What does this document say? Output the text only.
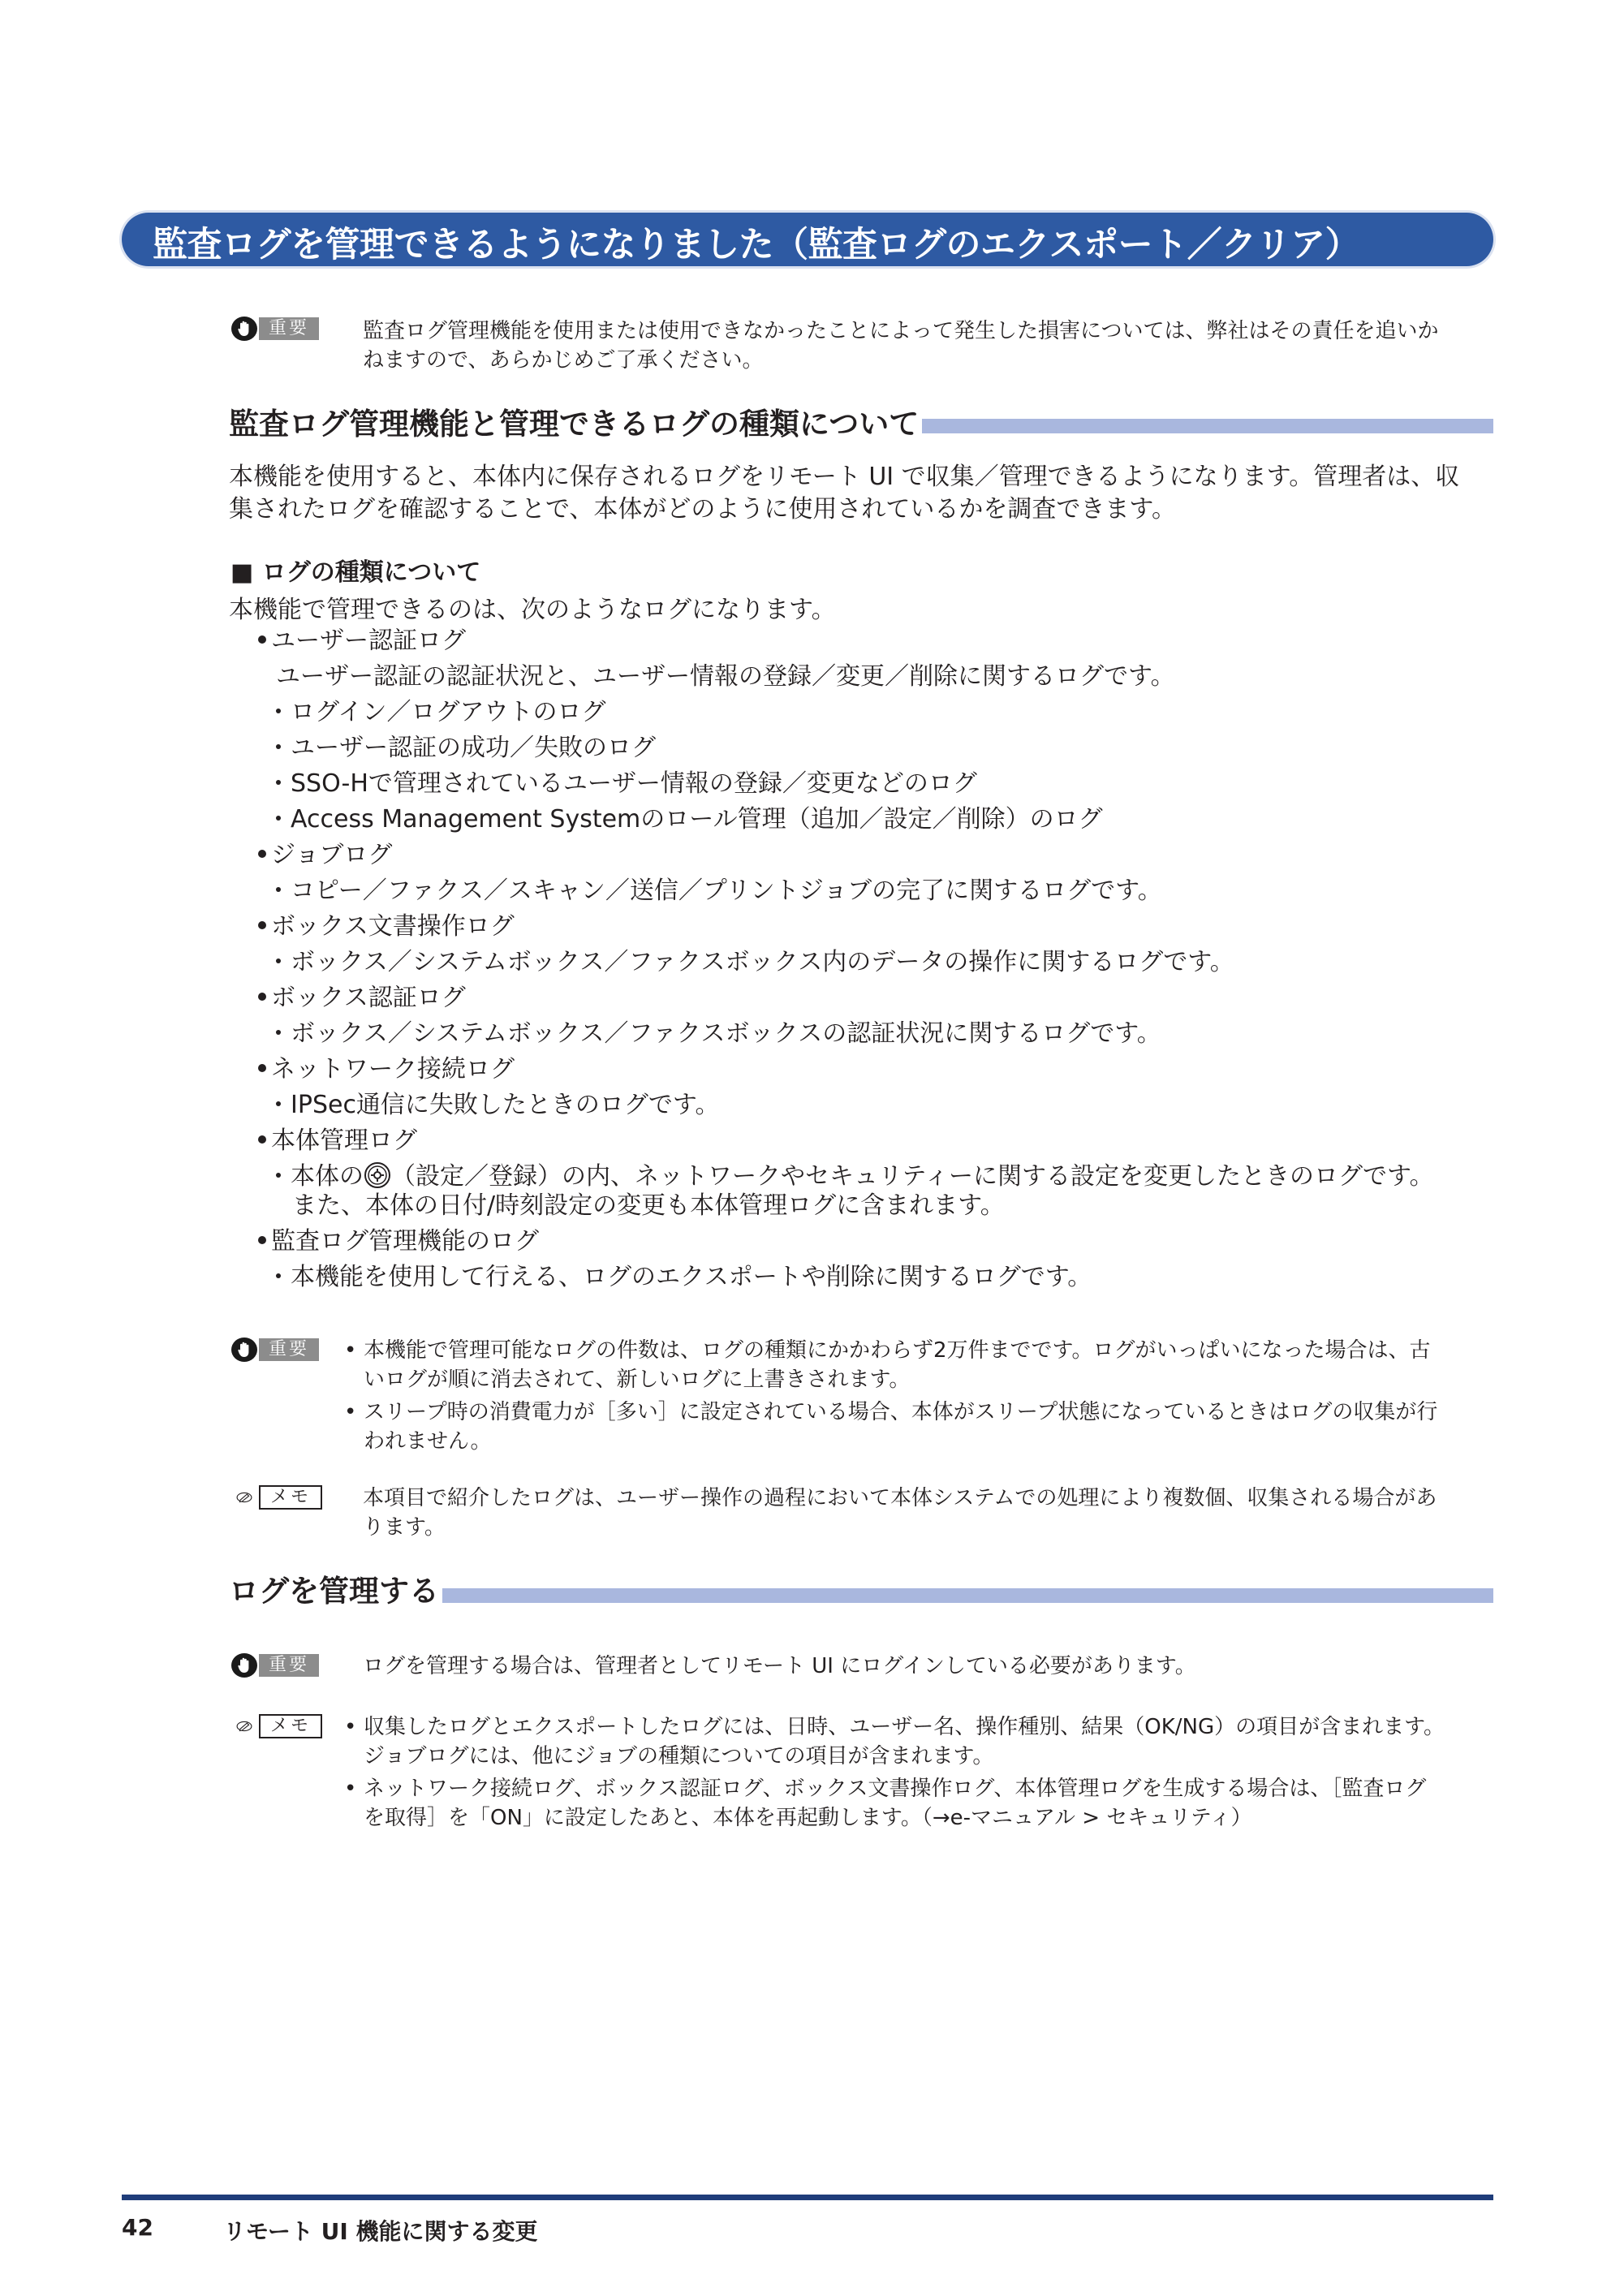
監査ログを管理できるようになりました（監査ログのエクスポート／クリア）
重要	監査ログ管理機能を使用または使用できなかったことによって発生した損害については、弊社はその責任を追いか
ねますので、あらかじめご了承ください。
監査ログ管理機能と管理できるログの種類について
本機能を使用すると、本体内に保存されるログをリモート UI で収集／管理できるようになります。管理者は、収
集されたログを確認することで、本体がどのように使用されているかを調査できます。
■ ログの種類について
本機能で管理できるのは、次のようなログになります。
ユーザー認証ログ
ユーザー認証の認証状況と、ユーザー情報の登録／変更／削除に関するログです。
ログイン／ログアウトのログ
ユーザー認証の成功／失敗のログ
SSO-Hで管理されているユーザー情報の登録／変更などのログ
Access Management Systemのロール管理（追加／設定／削除）のログ
ジョブログ
コピー／ファクス／スキャン／送信／プリントジョブの完了に関するログです。
ボックス文書操作ログ
ボックス／システムボックス／ファクスボックス内のデータの操作に関するログです。
ボックス認証ログ
ボックス／システムボックス／ファクスボックスの認証状況に関するログです。
ネットワーク接続ログ
IPSec通信に失敗したときのログです。
本体管理ログ
本体の （設定／登録）の内、ネットワークやセキュリティーに関する設定を変更したときのログです。
また、本体の日付/時刻設定の変更も本体管理ログに含まれます。
監査ログ管理機能のログ
本機能を使用して行える、ログのエクスポートや削除に関するログです。
重要	• 本機能で管理可能なログの件数は、ログの種類にかかわらず2万件までです。ログがいっぱいになった場合は、古
いログが順に消去されて、新しいログに上書きされます。
• スリープ時の消費電力が［多い］に設定されている場合、本体がスリープ状態になっているときはログの収集が行
われません。
メモ	本項目で紹介したログは、ユーザー操作の過程において本体システムでの処理により複数個、収集される場合があ
ります。
ログを管理する
重要	ログを管理する場合は、管理者としてリモート UI にログインしている必要があります。
メモ	• 収集したログとエクスポートしたログには、日時、ユーザー名、操作種別、結果（OK/NG）の項目が含まれます。
ジョブログには、他にジョブの種類についての項目が含まれます。
• ネットワーク接続ログ、ボックス認証ログ、ボックス文書操作ログ、本体管理ログを生成する場合は、［監査ログ
を取得］を「ON」に設定したあと、本体を再起動します。（→e-マニュアル > セキュリティ）
42	リモート UI 機能に関する変更
